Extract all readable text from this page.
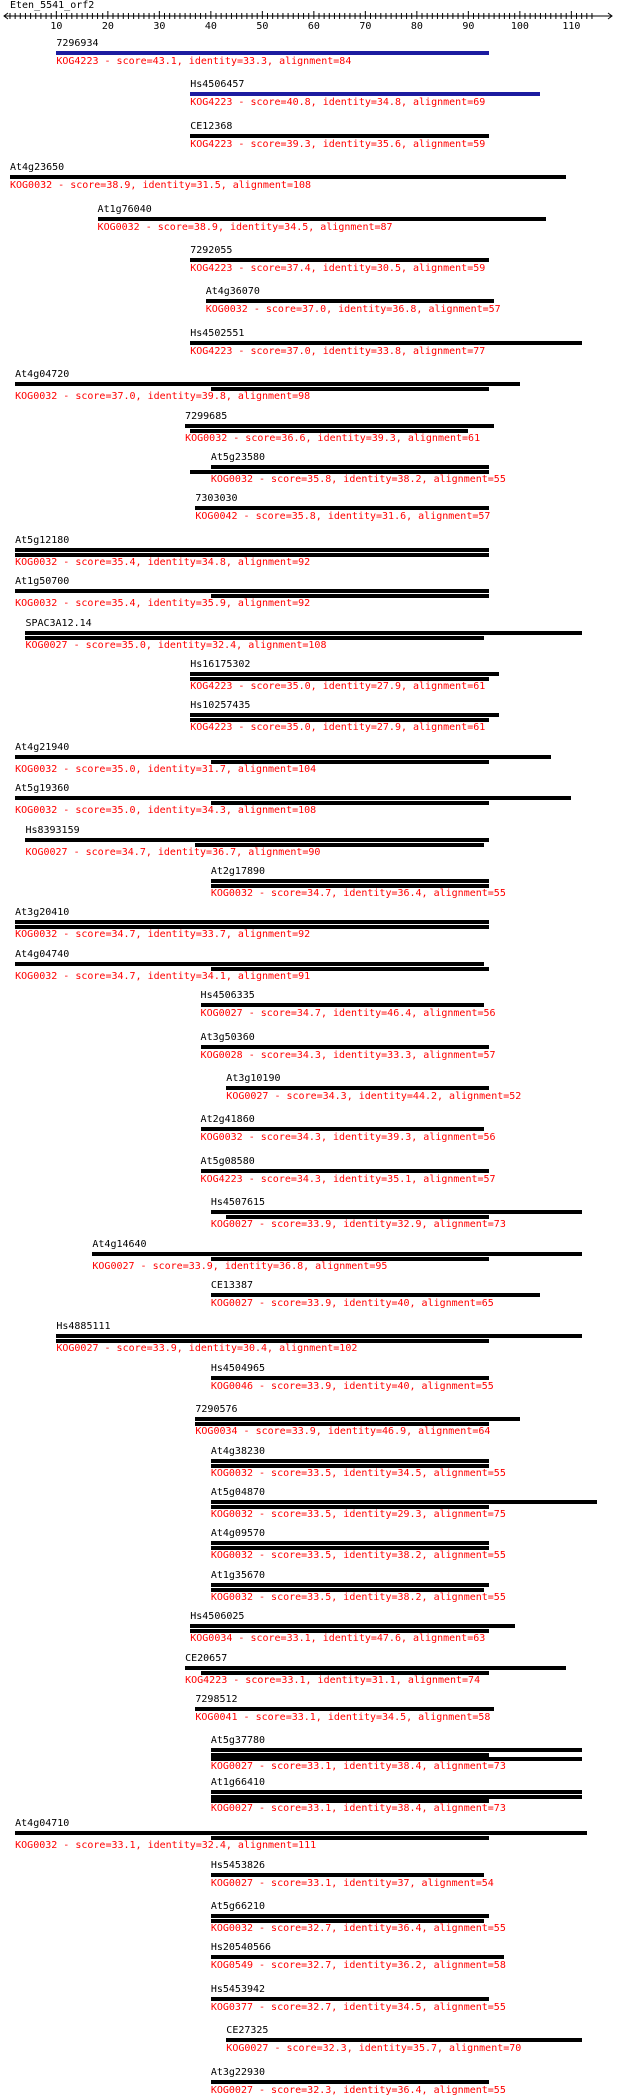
Eten_5541_orf2
10	20	30	40	50	60	70	80	90	100	110
7296934
KOG4223 - score=43.1, identity=33.3, alignment=84
Hs4506457
KOG4223 - score=40.8, identity=34.8, alignment=69
CE12368
KOG4223 - score=39.3, identity=35.6, alignment=59
At4g23650
KOG0032 - score=38.9, identity=31.5, alignment=108
At1g76040
KOG0032 - score=38.9, identity=34.5, alignment=87
7292055
KOG4223 - score=37.4, identity=30.5, alignment=59
At4g36070
KOG0032 - score=37.0, identity=36.8, alignment=57
Hs4502551
KOG4223 - score=37.0, identity=33.8, alignment=77
At4g04720
KOG0032 - score=37.0, identity=39.8, alignment=98
7299685
KOG0032 - score=36.6, identity=39.3, alignment=61
At5g23580
KOG0032 - score=35.8, identity=38.2, alignment=55
7303030
KOG0042 - score=35.8, identity=31.6, alignment=57
At5g12180
KOG0032 - score=35.4, identity=34.8, alignment=92
At1g50700
KOG0032 - score=35.4, identity=35.9, alignment=92
SPAC3A12.14
KOG0027 - score=35.0, identity=32.4, alignment=108
Hs16175302
KOG4223 - score=35.0, identity=27.9, alignment=61
Hs10257435
KOG4223 - score=35.0, identity=27.9, alignment=61
At4g21940
KOG0032 - score=35.0, identity=31.7, alignment=104
At5g19360
KOG0032 - score=35.0, identity=34.3, alignment=108
Hs8393159
KOG0027 - score=34.7, identity=36.7, alignment=90
At2g17890
KOG0032 - score=34.7, identity=36.4, alignment=55
At3g20410
KOG0032 - score=34.7, identity=33.7, alignment=92
At4g04740
KOG0032 - score=34.7, identity=34.1, alignment=91
Hs4506335
KOG0027 - score=34.7, identity=46.4, alignment=56
At3g50360
KOG0028 - score=34.3, identity=33.3, alignment=57
At3g10190
KOG0027 - score=34.3, identity=44.2, alignment=52
At2g41860
KOG0032 - score=34.3, identity=39.3, alignment=56
At5g08580
KOG4223 - score=34.3, identity=35.1, alignment=57
Hs4507615
KOG0027 - score=33.9, identity=32.9, alignment=73
At4g14640
KOG0027 - score=33.9, identity=36.8, alignment=95
CE13387
KOG0027 - score=33.9, identity=40, alignment=65
Hs4885111
KOG0027 - score=33.9, identity=30.4, alignment=102
Hs4504965
KOG0046 - score=33.9, identity=40, alignment=55
7290576
KOG0034 - score=33.9, identity=46.9, alignment=64
At4g38230
KOG0032 - score=33.5, identity=34.5, alignment=55
At5g04870
KOG0032 - score=33.5, identity=29.3, alignment=75
At4g09570
KOG0032 - score=33.5, identity=38.2, alignment=55
At1g35670
KOG0032 - score=33.5, identity=38.2, alignment=55
Hs4506025
KOG0034 - score=33.1, identity=47.6, alignment=63
CE20657
KOG4223 - score=33.1, identity=31.1, alignment=74
7298512
KOG0041 - score=33.1, identity=34.5, alignment=58
At5g37780
KOG0027 - score=33.1, identity=38.4, alignment=73
At1g66410
KOG0027 - score=33.1, identity=38.4, alignment=73
At4g04710
KOG0032 - score=33.1, identity=32.4, alignment=111
Hs5453826
KOG0027 - score=33.1, identity=37, alignment=54
At5g66210
KOG0032 - score=32.7, identity=36.4, alignment=55
Hs20540566
KOG0549 - score=32.7, identity=36.2, alignment=58
Hs5453942
KOG0377 - score=32.7, identity=34.5, alignment=55
CE27325
KOG0027 - score=32.3, identity=35.7, alignment=70
At3g22930
KOG0027 - score=32.3, identity=36.4, alignment=55
